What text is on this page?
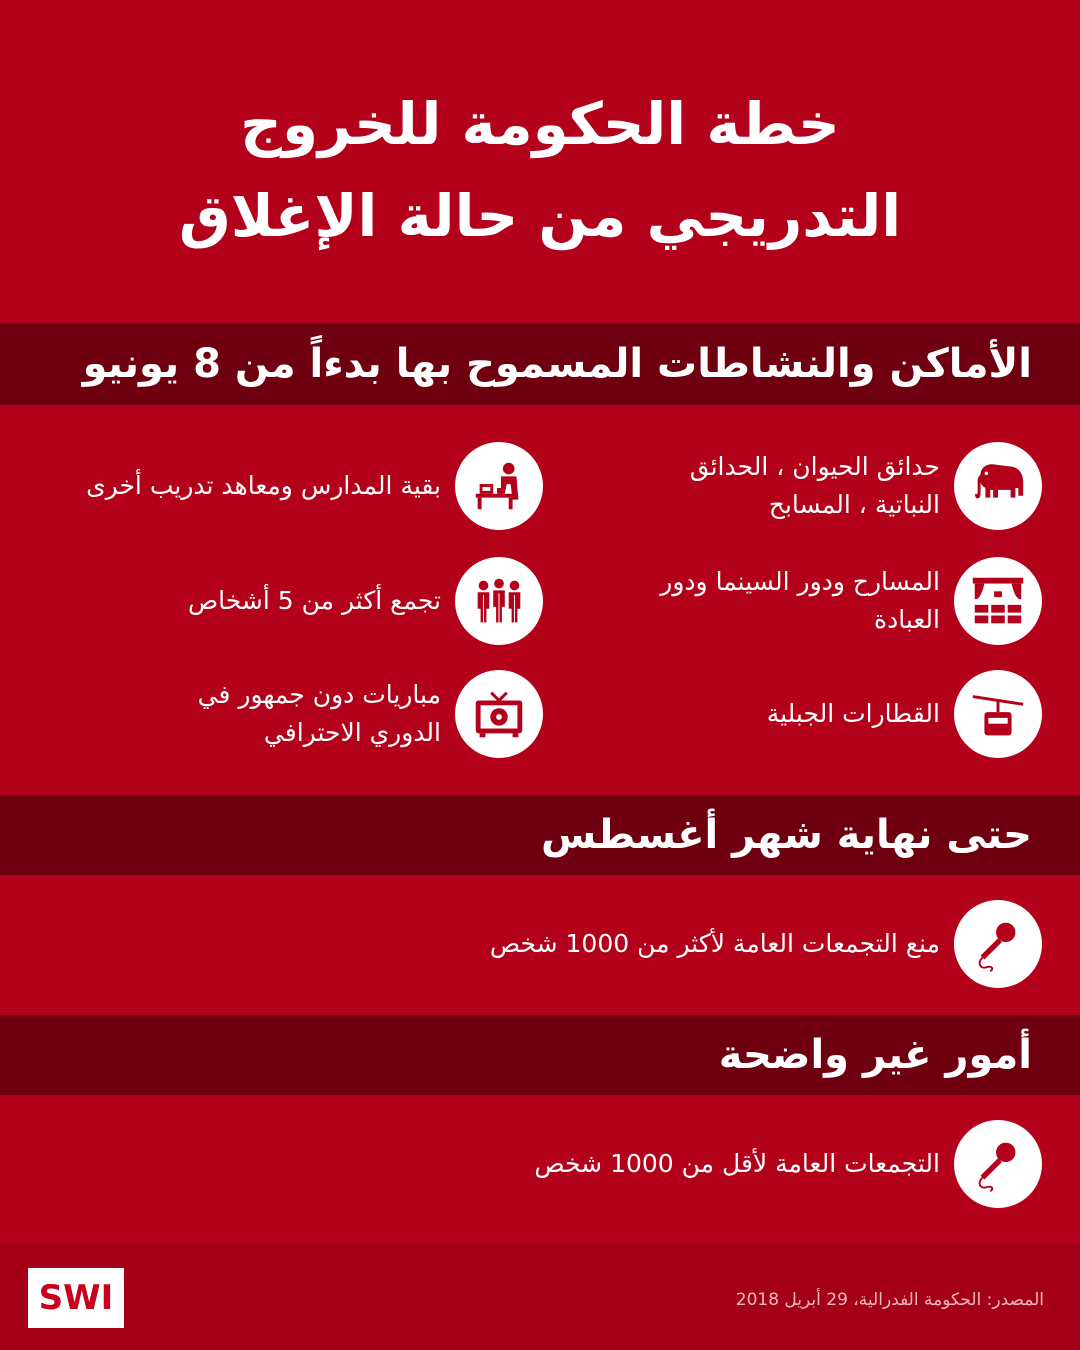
خطة الحكومة للخروج
التدريجي من حالة الإغلاق
الأماكن والنشاطات المسموح بها بدءاً من 8 يونيو
حدائق الحيوان ، الحدائق
النباتية ، المسابح
المسارح ودور السينما ودور
العبادة
القطارات الجبلية
بقية المدارس ومعاهد تدريب أخرى
تجمع أكثر من 5 أشخاص
مباريات دون جمهور في
الدوري الاحترافي
حتى نهاية شهر أغسطس
منع التجمعات العامة لأكثر من 1000 شخص
أمور غير واضحة
التجمعات العامة لأقل من 1000 شخص
SWI	المصدر: الحكومة الفدرالية، 29 أبريل 2018
